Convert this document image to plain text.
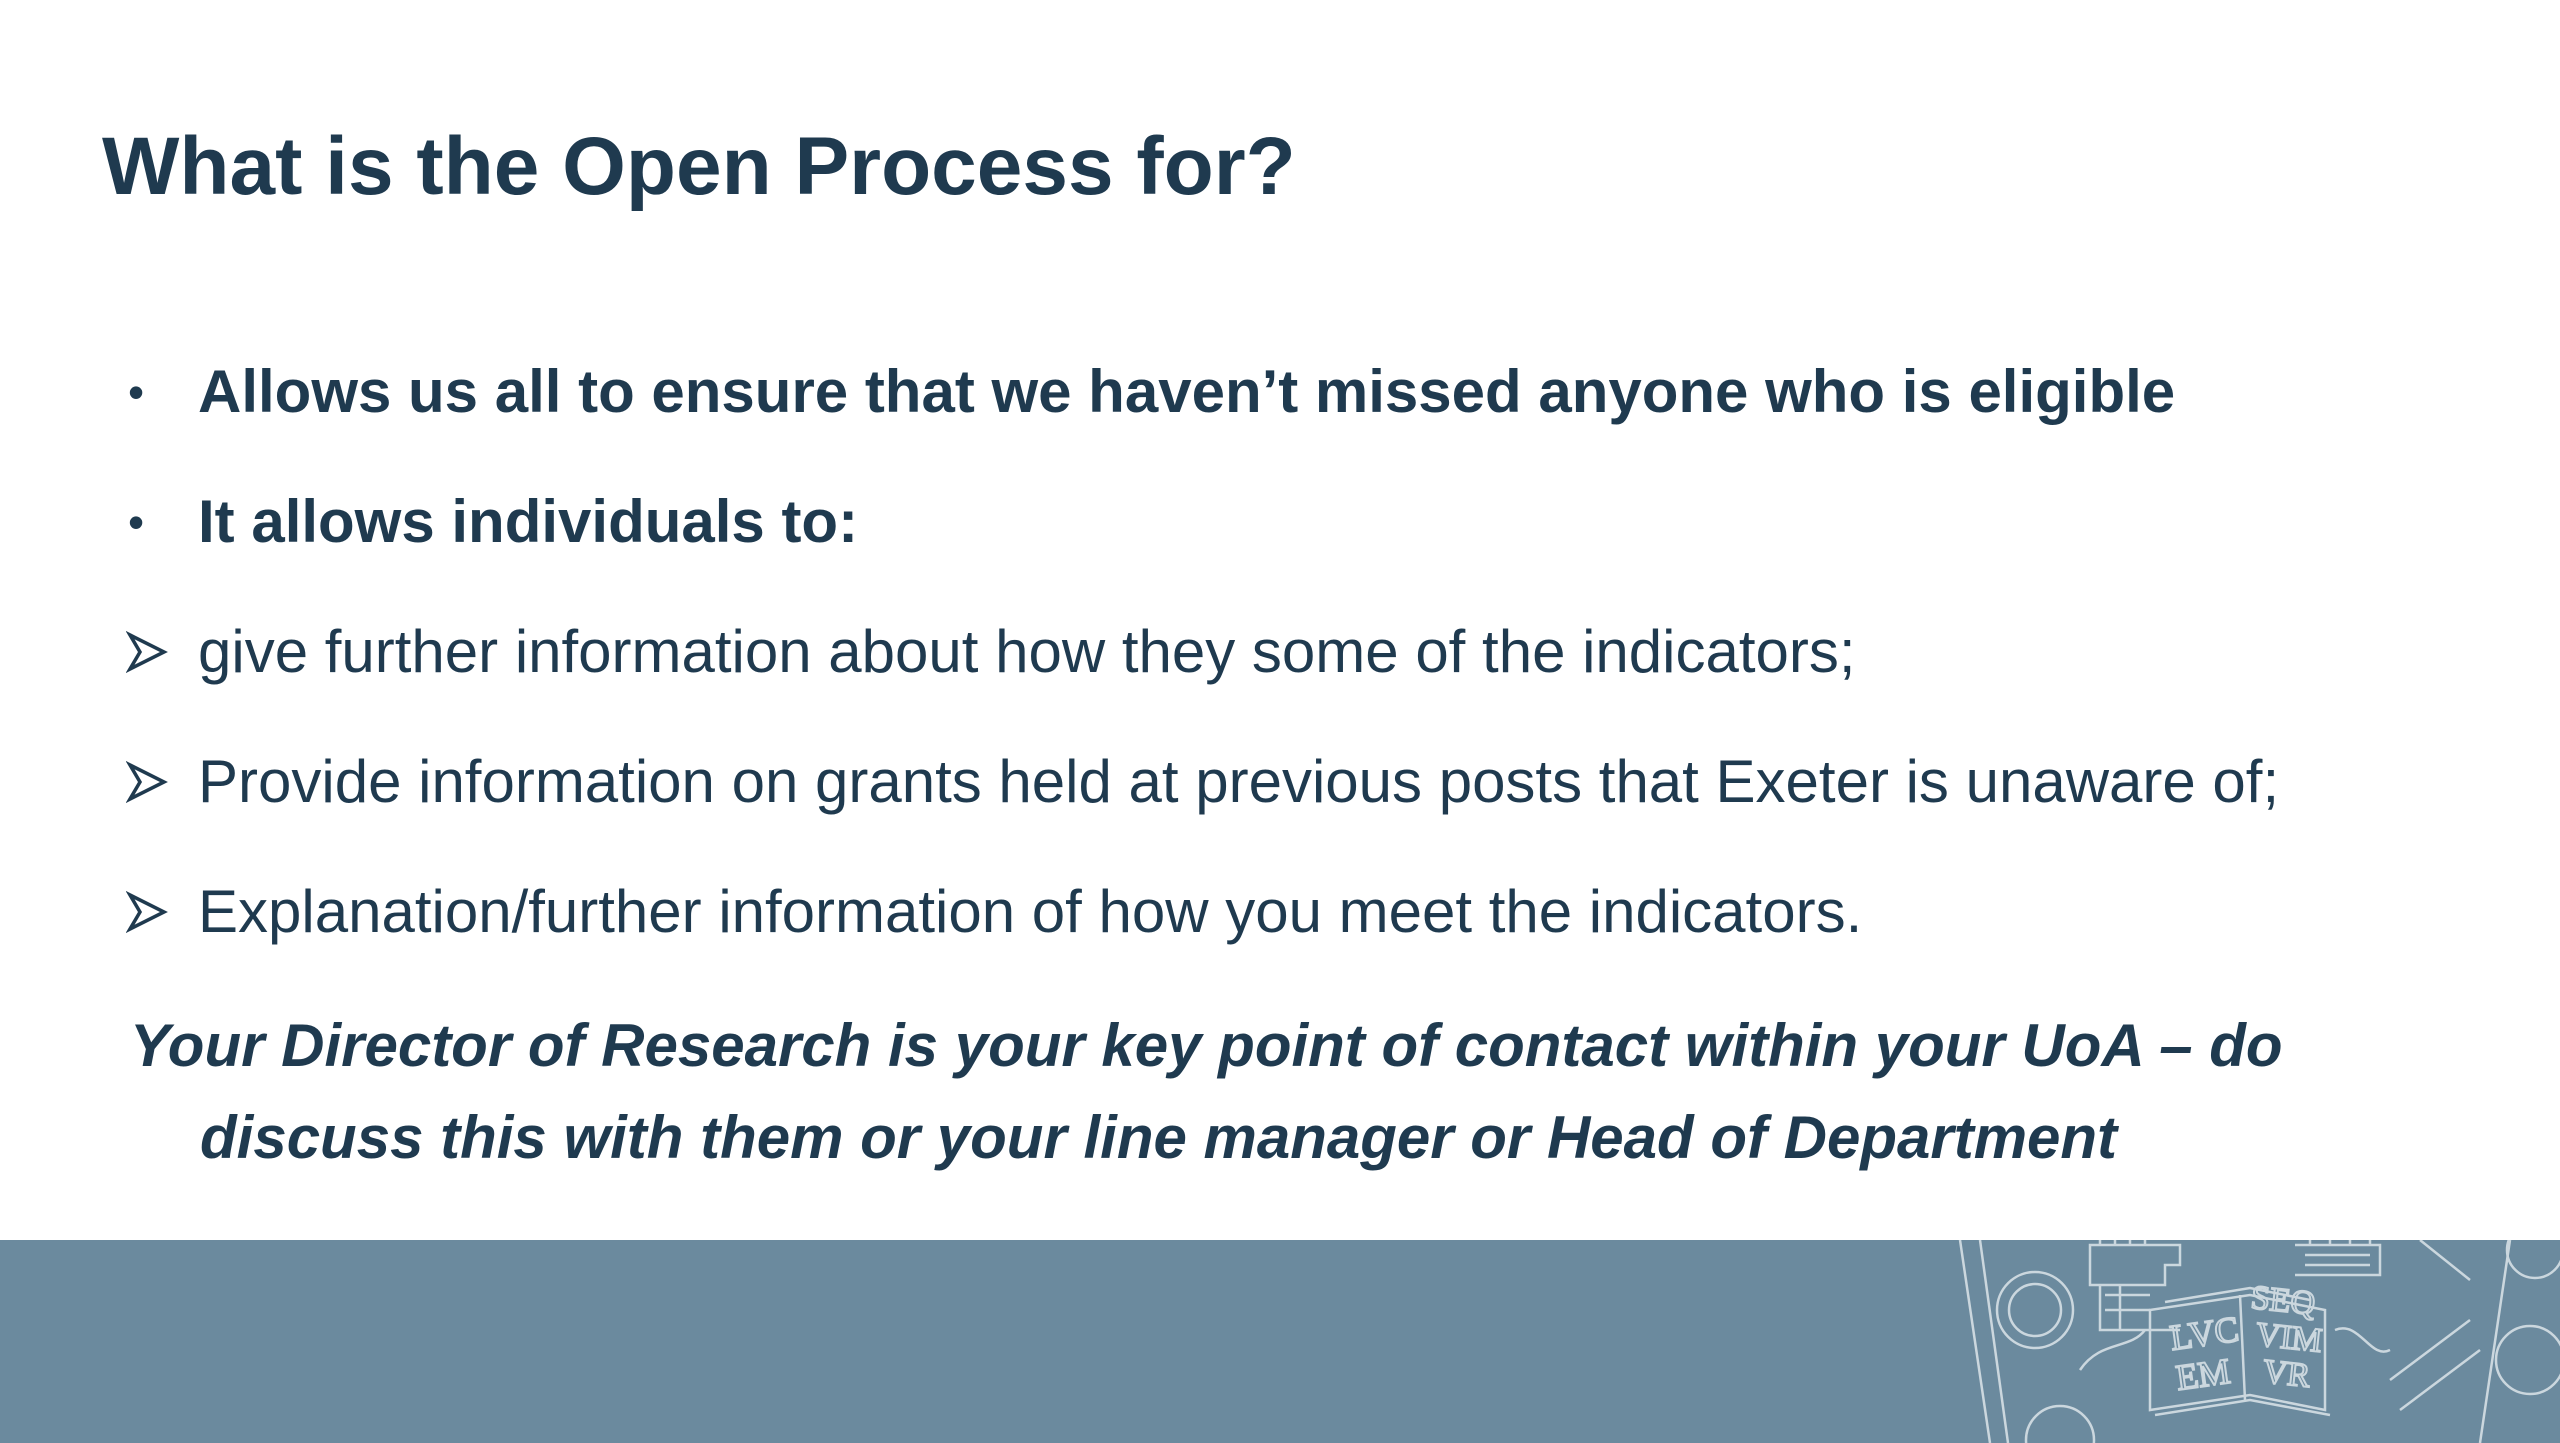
What is the Open Process for?
• Allows us all to ensure that we haven’t missed anyone who is eligible
• It allows individuals to:
give further information about how they some of the indicators;
Provide information on grants held at previous posts that Exeter is unaware of;
Explanation/further information of how you meet the indicators.
Your Director of Research is your key point of contact within your UoA – do
discuss this with them or your line manager or Head of Department
LVC
EM
SEQ
VIM
VR
